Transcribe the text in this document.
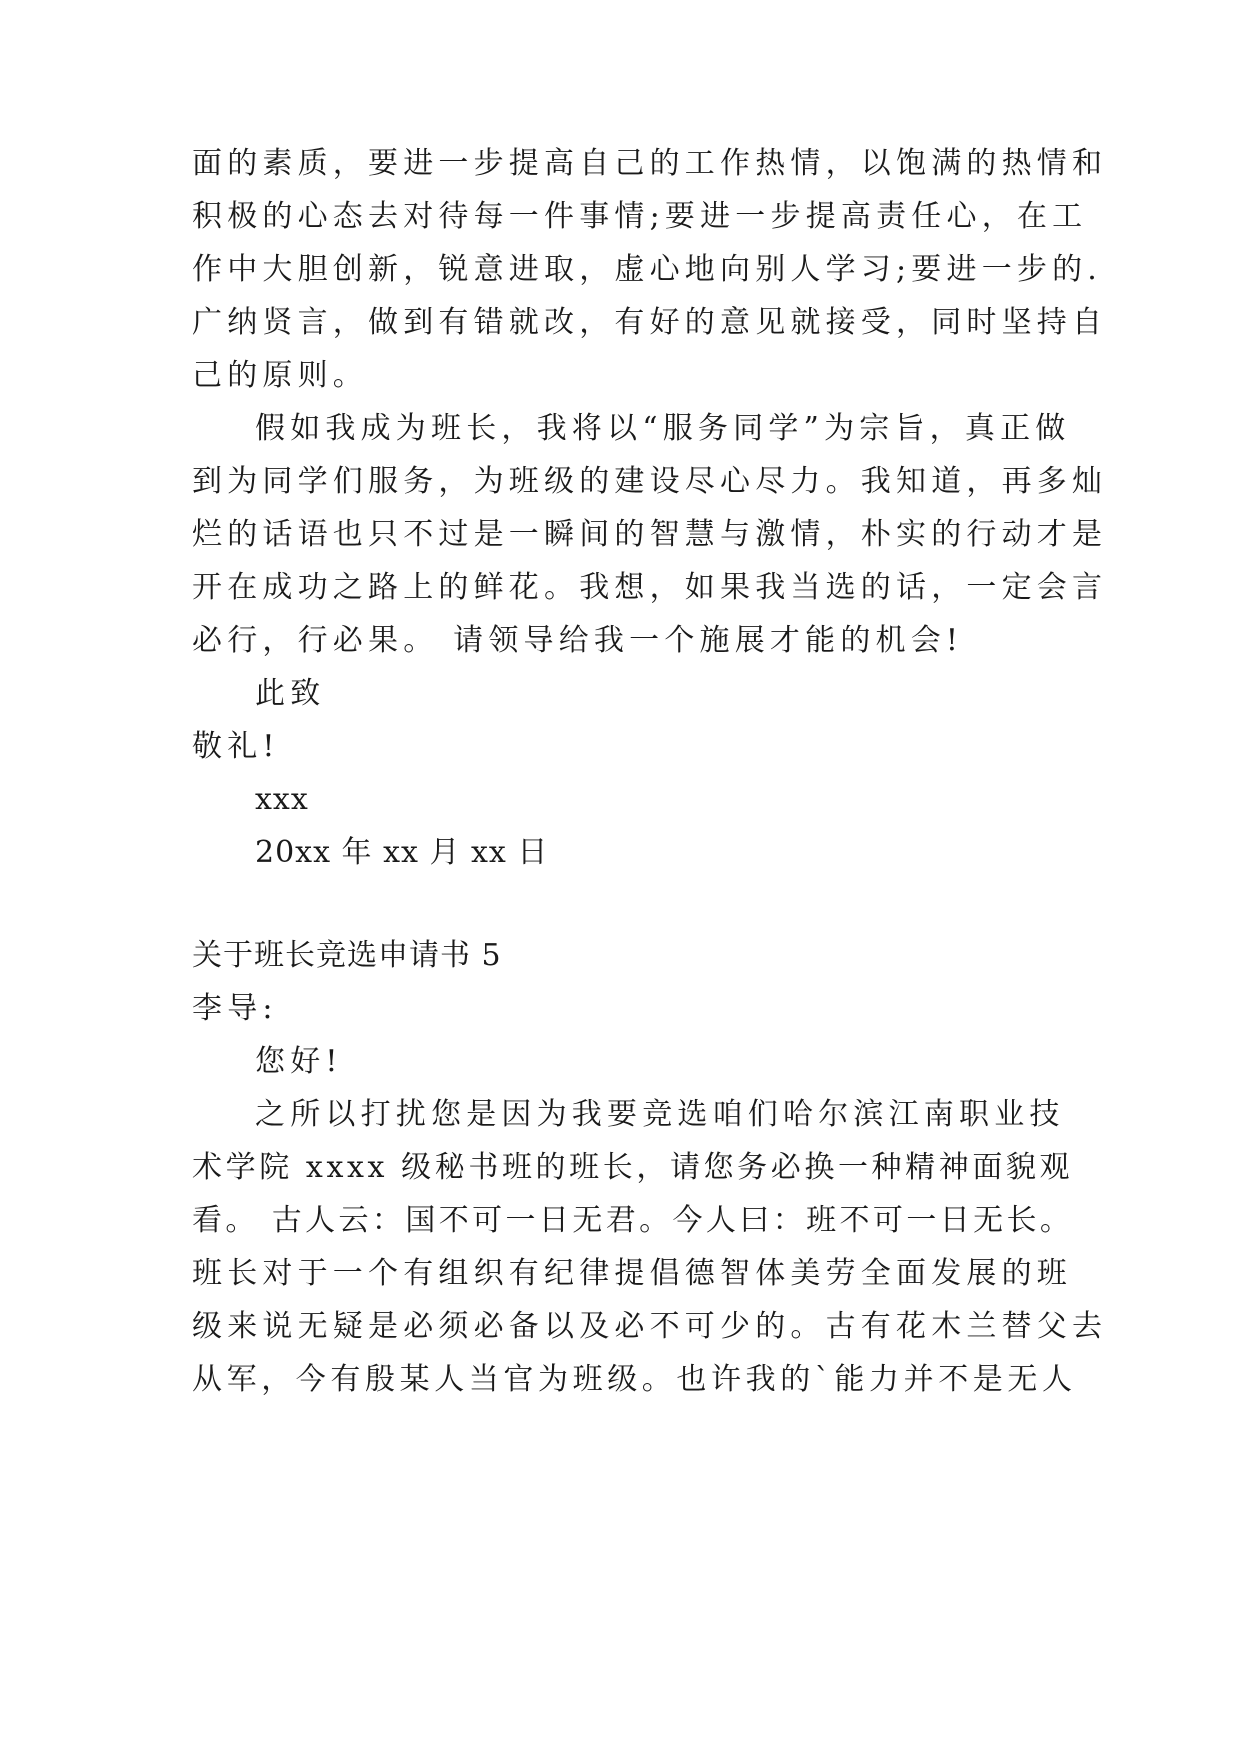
面的素质，要进一步提高自己的工作热情，以饱满的热情和

积极的心态去对待每一件事情;要进一步提高责任心，在工

作中大胆创新，锐意进取，虚心地向别人学习;要进一步的.

广纳贤言，做到有错就改，有好的意见就接受，同时坚持自

己的原则。

假如我成为班长，我将以“服务同学”为宗旨，真正做

到为同学们服务，为班级的建设尽心尽力。我知道，再多灿

烂的话语也只不过是一瞬间的智慧与激情，朴实的行动才是

开在成功之路上的鲜花。我想，如果我当选的话，一定会言

必行，行必果。 请领导给我一个施展才能的机会!

此致

敬礼!

xxx

20xx 年 xx 月 xx 日

关于班长竞选申请书 5

李导:

您好!

之所以打扰您是因为我要竞选咱们哈尔滨江南职业技

术学院 xxxx 级秘书班的班长，请您务必换一种精神面貌观

看。 古人云：国不可一日无君。今人曰：班不可一日无长。

班长对于一个有组织有纪律提倡德智体美劳全面发展的班

级来说无疑是必须必备以及必不可少的。古有花木兰替父去

从军，今有殷某人当官为班级。也许我的`能力并不是无人
